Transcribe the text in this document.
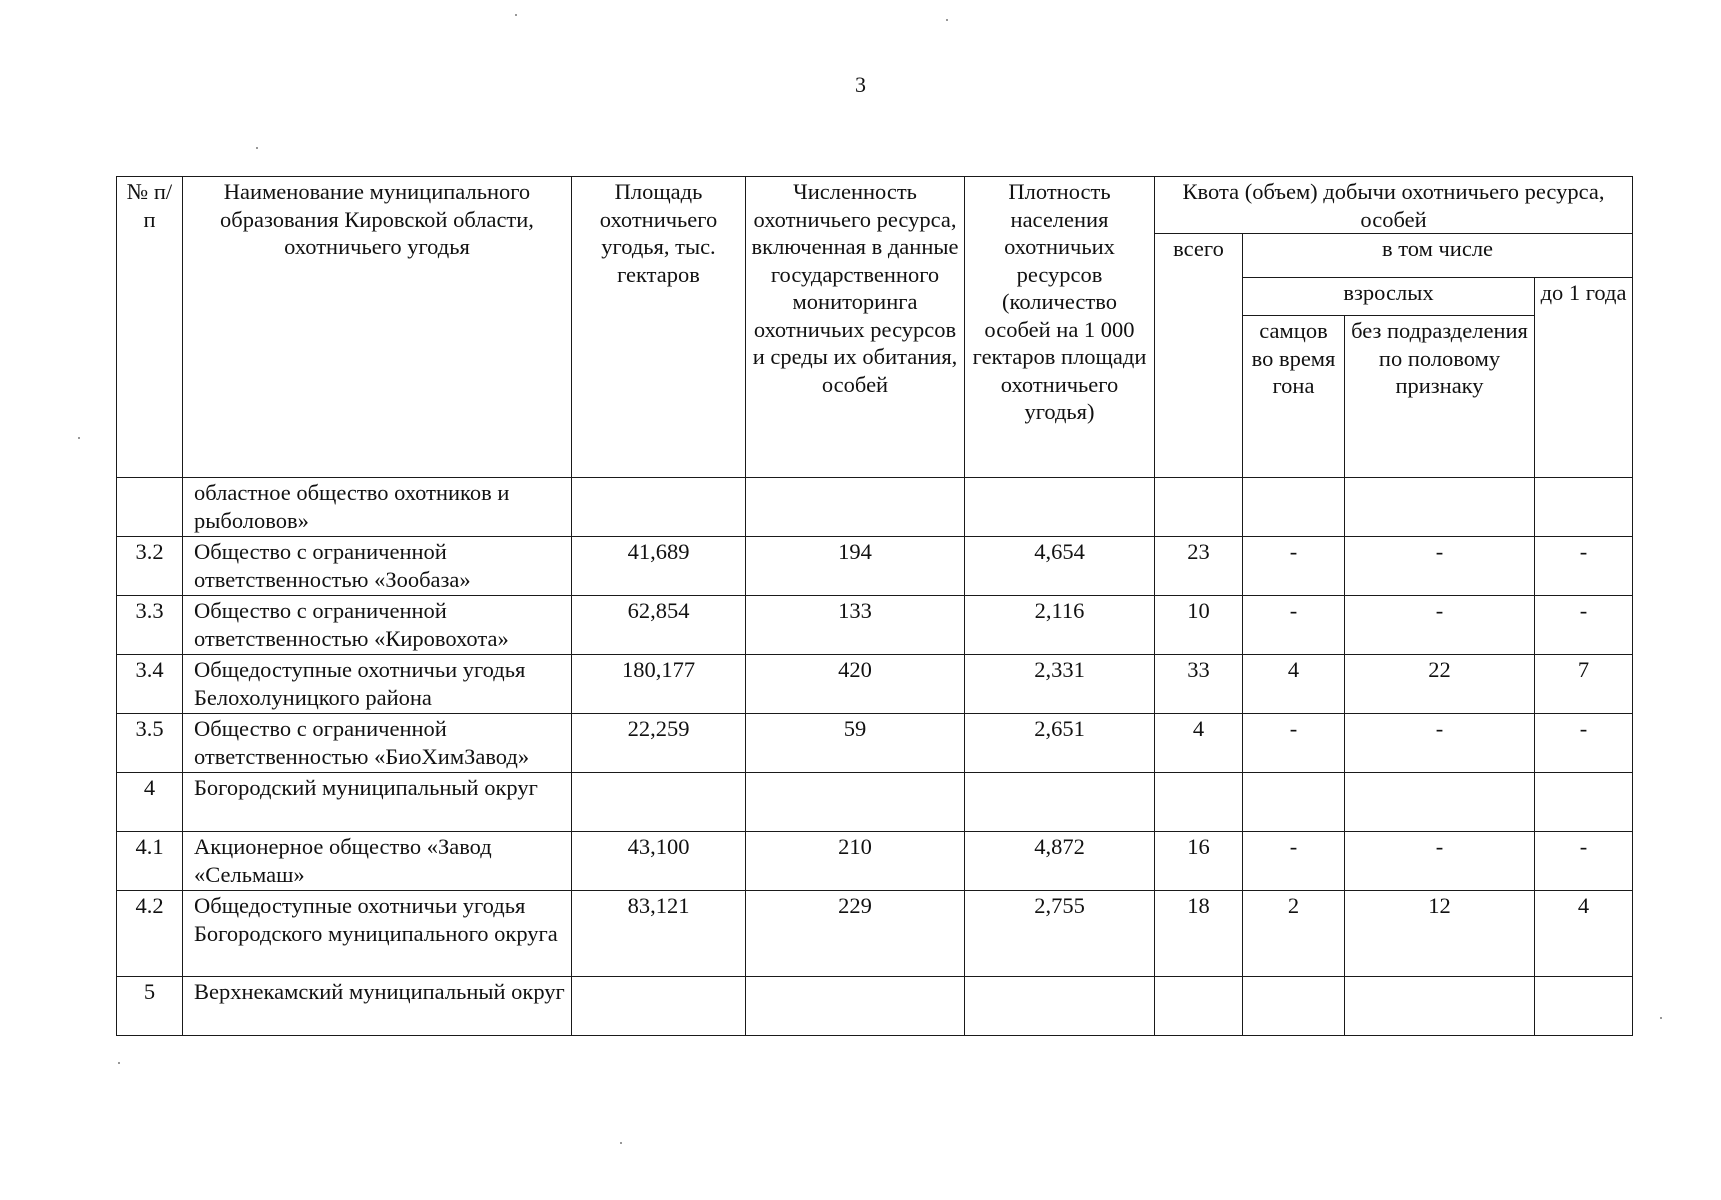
3
№ п/п	Наименование муниципального образования Кировской области, охотничьего угодья	Площадь охотничьего угодья, тыс. гектаров	Численность охотничьего ресурса, включенная в данные государственного мониторинга охотничьих ресурсов и среды их обитания, особей	Плотность населения охотничьих ресурсов (количество особей на 1 000 гектаров площади охотничьего угодья)	Квота (объем) добычи охотничьего ресурса, особей			
					всего	в том числе		
						взрослых		до 1 года
						самцов во время гона	без подразделения по половому признаку	
	областное общество охотников и рыболовов»							
3.2	Общество с ограниченной ответственностью «Зообаза»	41,689	194	4,654	23	-	-	-
3.3	Общество с ограниченной ответственностью «Кировохота»	62,854	133	2,116	10	-	-	-
3.4	Общедоступные охотничьи угодья Белохолуницкого района	180,177	420	2,331	33	4	22	7
3.5	Общество с ограниченной ответственностью «БиоХимЗавод»	22,259	59	2,651	4	-	-	-
4	Богородский муниципальный округ							
4.1	Акционерное общество «Завод «Сельмаш»	43,100	210	4,872	16	-	-	-
4.2	Общедоступные охотничьи угодья Богородского муниципального округа	83,121	229	2,755	18	2	12	4
5	Верхнекамский муниципальный округ							
